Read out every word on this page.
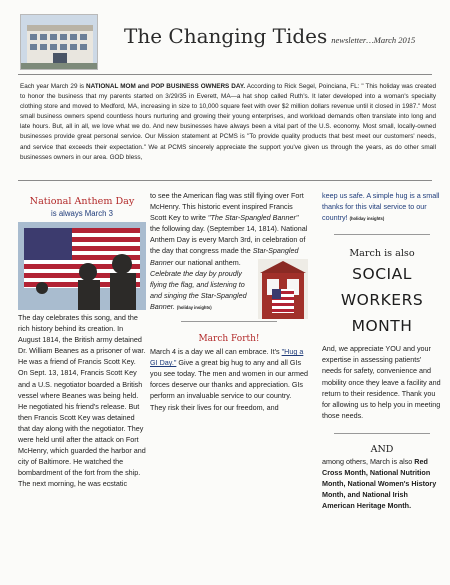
The Changing Tides newsletter…March 2015
Each year March 29 is NATIONAL MOM and POP BUSINESS OWNERS DAY. According to Rick Segel, Poinciana, FL: " This holiday was created to honor the business that my parents started on 3/29/35 in Everett, MA—a hat shop called Ruth's. It later developed into a woman's specialty clothing store and moved to Medford, MA, increasing in size to 10,000 square feet with over $2 million dollars revenue until it closed in 1987." Most small business owners spend countless hours nurturing and growing their young enterprises, and workload demands often translate into long and late hours. But, all in all, we love what we do. And new businesses have always been a vital part of the U.S. economy. Most small, locally-owned businesses provide great personal service. Our Mission statement at PCMS is "To provide quality products that best meet our customers' needs, and service that exceeds their expectation." We at PCMS sincerely appreciate the support you've given us through the years, as do other small businesses owners in our area. GOD bless,
National Anthem Day
is always March 3
The day celebrates this song, and the rich history behind its creation. In August 1814, the British army detained Dr. William Beanes as a prisoner of war. He was a friend of Francis Scott Key. On Sept. 13, 1814, Francis Scott Key and a U.S. negotiator boarded a British vessel where Beanes was being held. He negotiated his friend's release. But then Francis Scott Key was detained that day along with the negotiator. They were held until after the attack on Fort McHenry, which guarded the harbor and city of Baltimore. He watched the bombardment of the fort from the ship. The next morning, he was ecstatic
to see the American flag was still flying over Fort McHenry. This historic event inspired Francis Scott Key to write "The Star-Spangled Banner" the following day. (September 14, 1814). National Anthem Day is every March 3rd, in celebration of the day that congress made the Star-Spangled Banner our national anthem.
Celebrate the day by proudly flying the flag, and listening to and singing the Star-Spangled Banner. (holiday insights)
March Forth!
March 4 is a day we all can embrace. It's "Hug a GI Day." Give a great big hug to any and all GIs you see today. The men and women in our armed forces deserve our thanks and appreciation. GIs perform an invaluable service to our country. They risk their lives for our freedom, and
keep us safe. A simple hug is a small thanks for this vital service to our country! (holiday insights)
March is also
SOCIAL
WORKERS
MONTH
And, we appreciate YOU and your expertise in assessing patients' needs for safety, convenience and mobility once they leave a facility and return to their residence. Thank you for allowing us to help you in meeting those needs.
AND
among others, March is also Red Cross Month, National Nutrition Month, National Women's History Month, and National Irish American Heritage Month.
